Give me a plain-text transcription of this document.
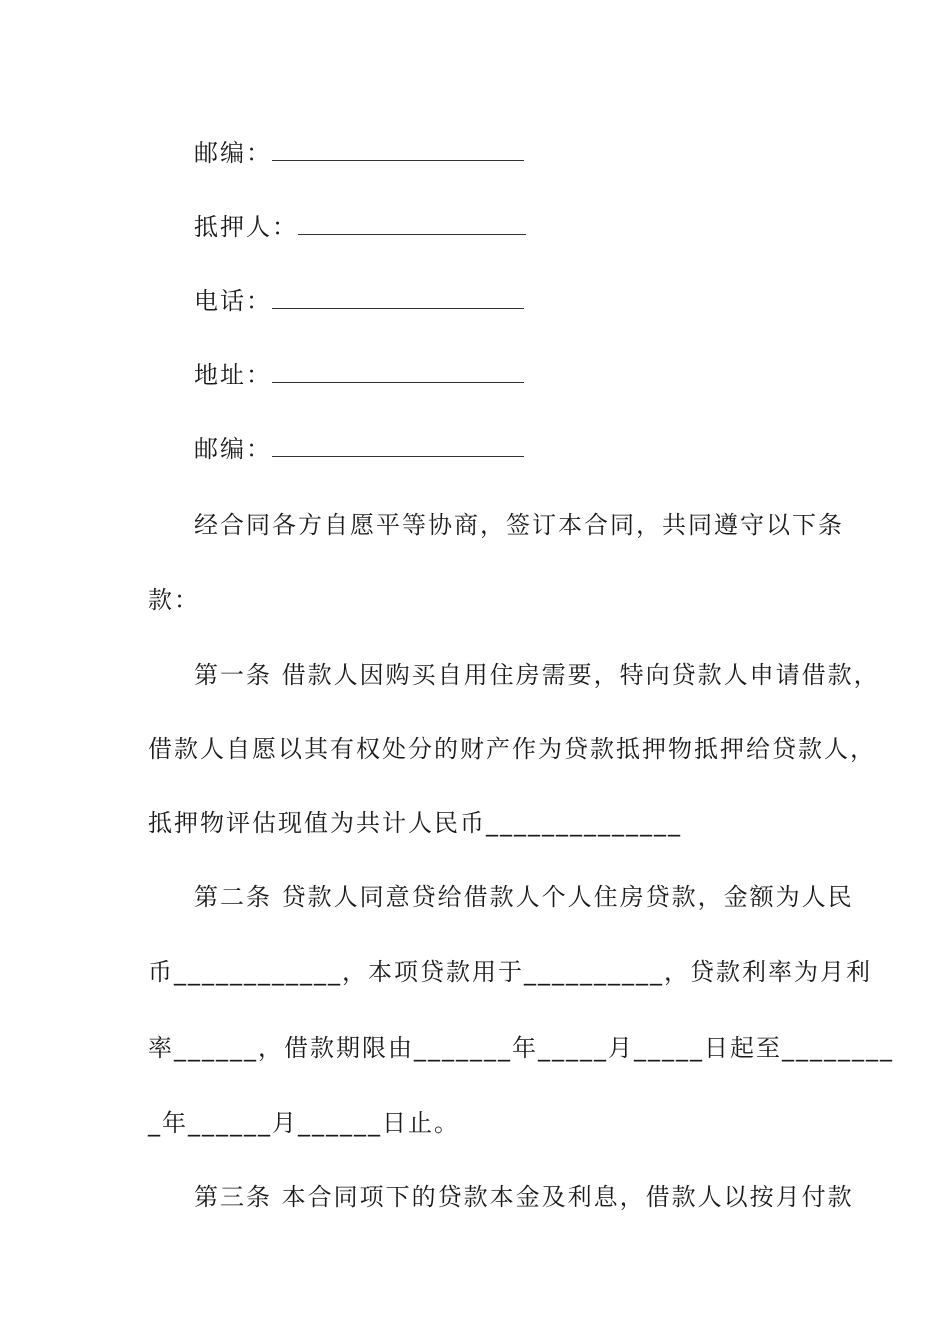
邮编：
抵押人：
电话：
地址：
邮编：
经合同各方自愿平等协商，签订本合同，共同遵守以下条
款：
第一条 借款人因购买自用住房需要，特向贷款人申请借款，
借款人自愿以其有权处分的财产作为贷款抵押物抵押给贷款人，
抵押物评估现值为共计人民币______________
第二条 贷款人同意贷给借款人个人住房贷款，金额为人民
币____________，本项贷款用于__________，贷款利率为月利
率______，借款期限由_______年_____月_____日起至________
_年______月______日止。
第三条 本合同项下的贷款本金及利息，借款人以按月付款
